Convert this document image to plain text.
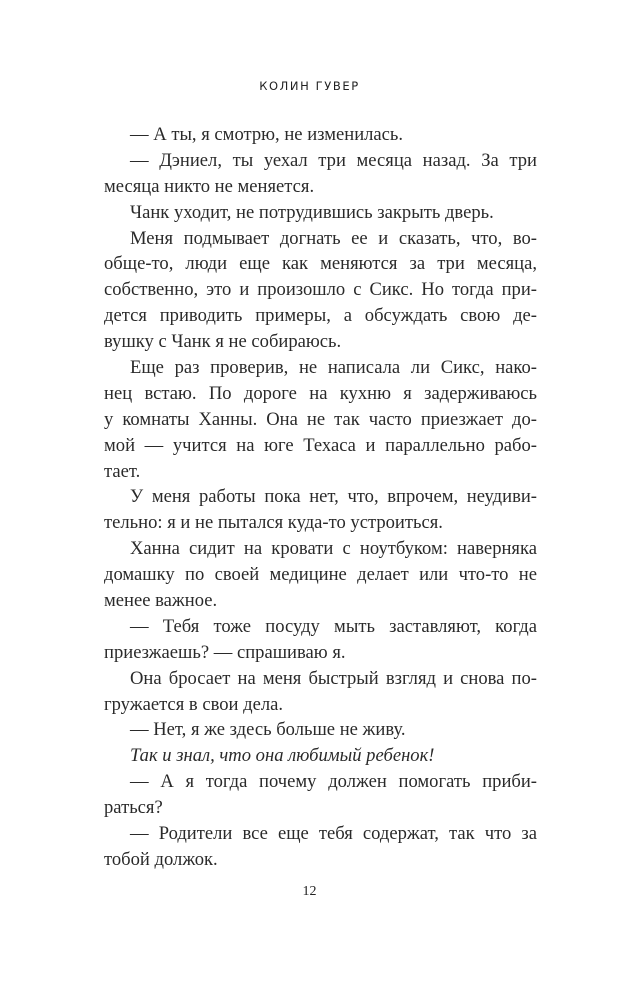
КОЛИН ГУВЕР
— А ты, я смотрю, не изменилась.
— Дэниел, ты уехал три месяца назад. За три
месяца никто не меняется.
Чанк уходит, не потрудившись закрыть дверь.
Меня подмывает догнать ее и сказать, что, во-
обще-то, люди еще как меняются за три месяца,
собственно, это и произошло с Сикс. Но тогда при-
дется приводить примеры, а обсуждать свою де-
вушку с Чанк я не собираюсь.
Еще раз проверив, не написала ли Сикс, нако-
нец встаю. По дороге на кухню я задерживаюсь
у комнаты Ханны. Она не так часто приезжает до-
мой — учится на юге Техаса и параллельно рабо-
тает.
У меня работы пока нет, что, впрочем, неудиви-
тельно: я и не пытался куда-то устроиться.
Ханна сидит на кровати с ноутбуком: наверняка
домашку по своей медицине делает или что-то не
менее важное.
— Тебя тоже посуду мыть заставляют, когда
приезжаешь? — спрашиваю я.
Она бросает на меня быстрый взгляд и снова по-
гружается в свои дела.
— Нет, я же здесь больше не живу.
Так и знал, что она любимый ребенок!
— А я тогда почему должен помогать приби-
раться?
— Родители все еще тебя содержат, так что за
тобой должок.
12
